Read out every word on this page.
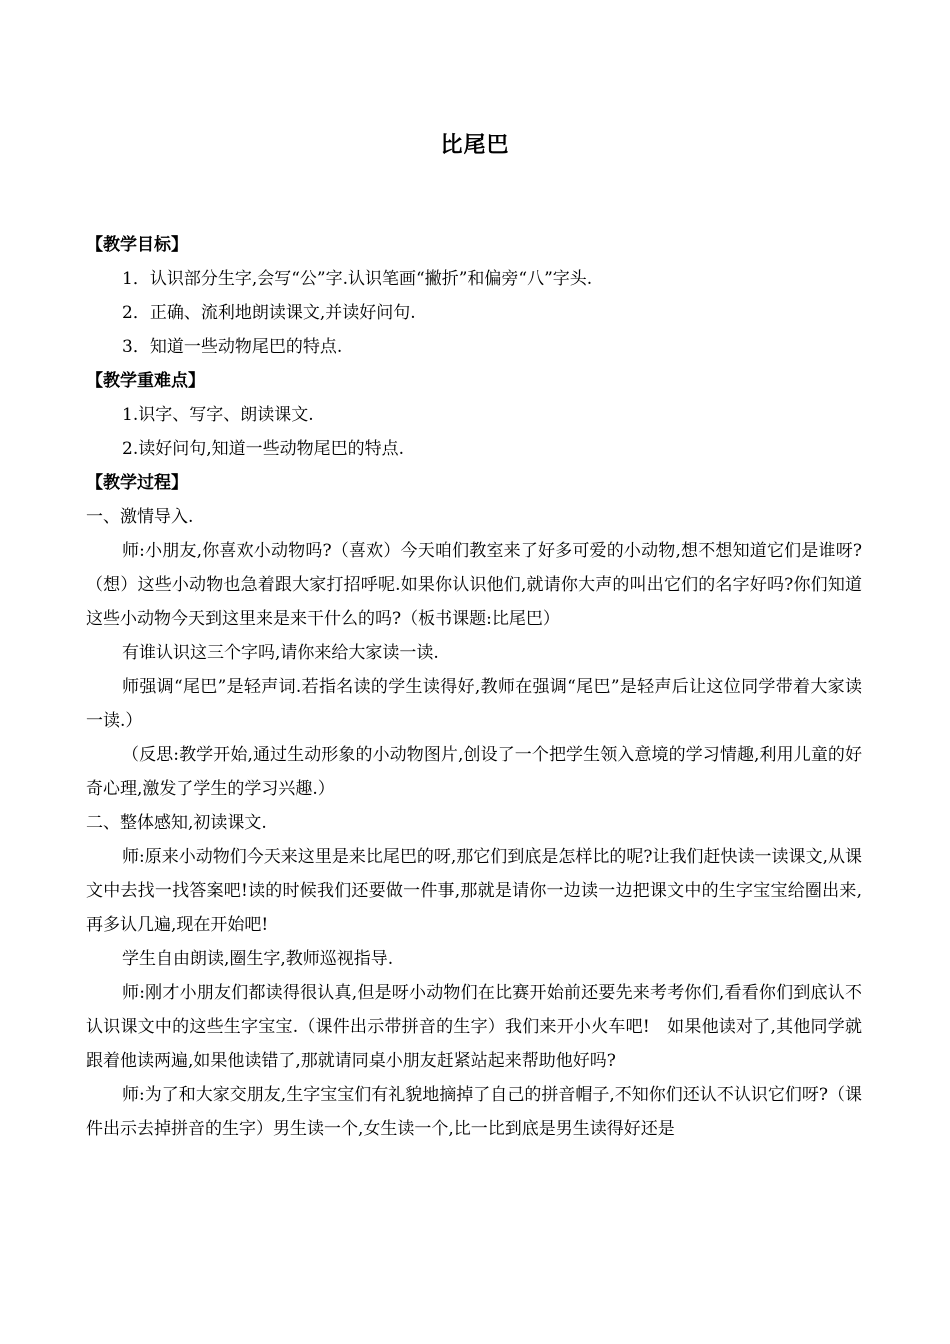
比尾巴
【教学目标】
1．认识部分生字,会写“公”字.认识笔画“撇折”和偏旁“八”字头.
2．正确、流利地朗读课文,并读好问句.
3．知道一些动物尾巴的特点.
【教学重难点】
1.识字、写字、朗读课文.
2.读好问句,知道一些动物尾巴的特点.
【教学过程】
一、激情导入.

师:小朋友,你喜欢小动物吗?（喜欢）今天咱们教室来了好多可爱的小动物,想不想知道它们是谁呀?（想）这些小动物也急着跟大家打招呼呢.如果你认识他们,就请你大声的叫出它们的名字好吗?你们知道这些小动物今天到这里来是来干什么的吗?（板书课题:比尾巴）

有谁认识这三个字吗,请你来给大家读一读.

师强调“尾巴”是轻声词.若指名读的学生读得好,教师在强调“尾巴”是轻声后让这位同学带着大家读一读.）

（反思:教学开始,通过生动形象的小动物图片,创设了一个把学生领入意境的学习情趣,利用儿童的好奇心理,激发了学生的学习兴趣.）

二、整体感知,初读课文.

师:原来小动物们今天来这里是来比尾巴的呀,那它们到底是怎样比的呢?让我们赶快读一读课文,从课文中去找一找答案吧!读的时候我们还要做一件事,那就是请你一边读一边把课文中的生字宝宝给圈出来,再多认几遍,现在开始吧!

学生自由朗读,圈生字,教师巡视指导.

师:刚才小朋友们都读得很认真,但是呀小动物们在比赛开始前还要先来考考你们,看看你们到底认不认识课文中的这些生字宝宝.（课件出示带拼音的生字）我们来开小火车吧!　如果他读对了,其他同学就跟着他读两遍,如果他读错了,那就请同桌小朋友赶紧站起来帮助他好吗?

师:为了和大家交朋友,生字宝宝们有礼貌地摘掉了自己的拼音帽子,不知你们还认不认识它们呀?（课件出示去掉拼音的生字）男生读一个,女生读一个,比一比到底是男生读得好还是
